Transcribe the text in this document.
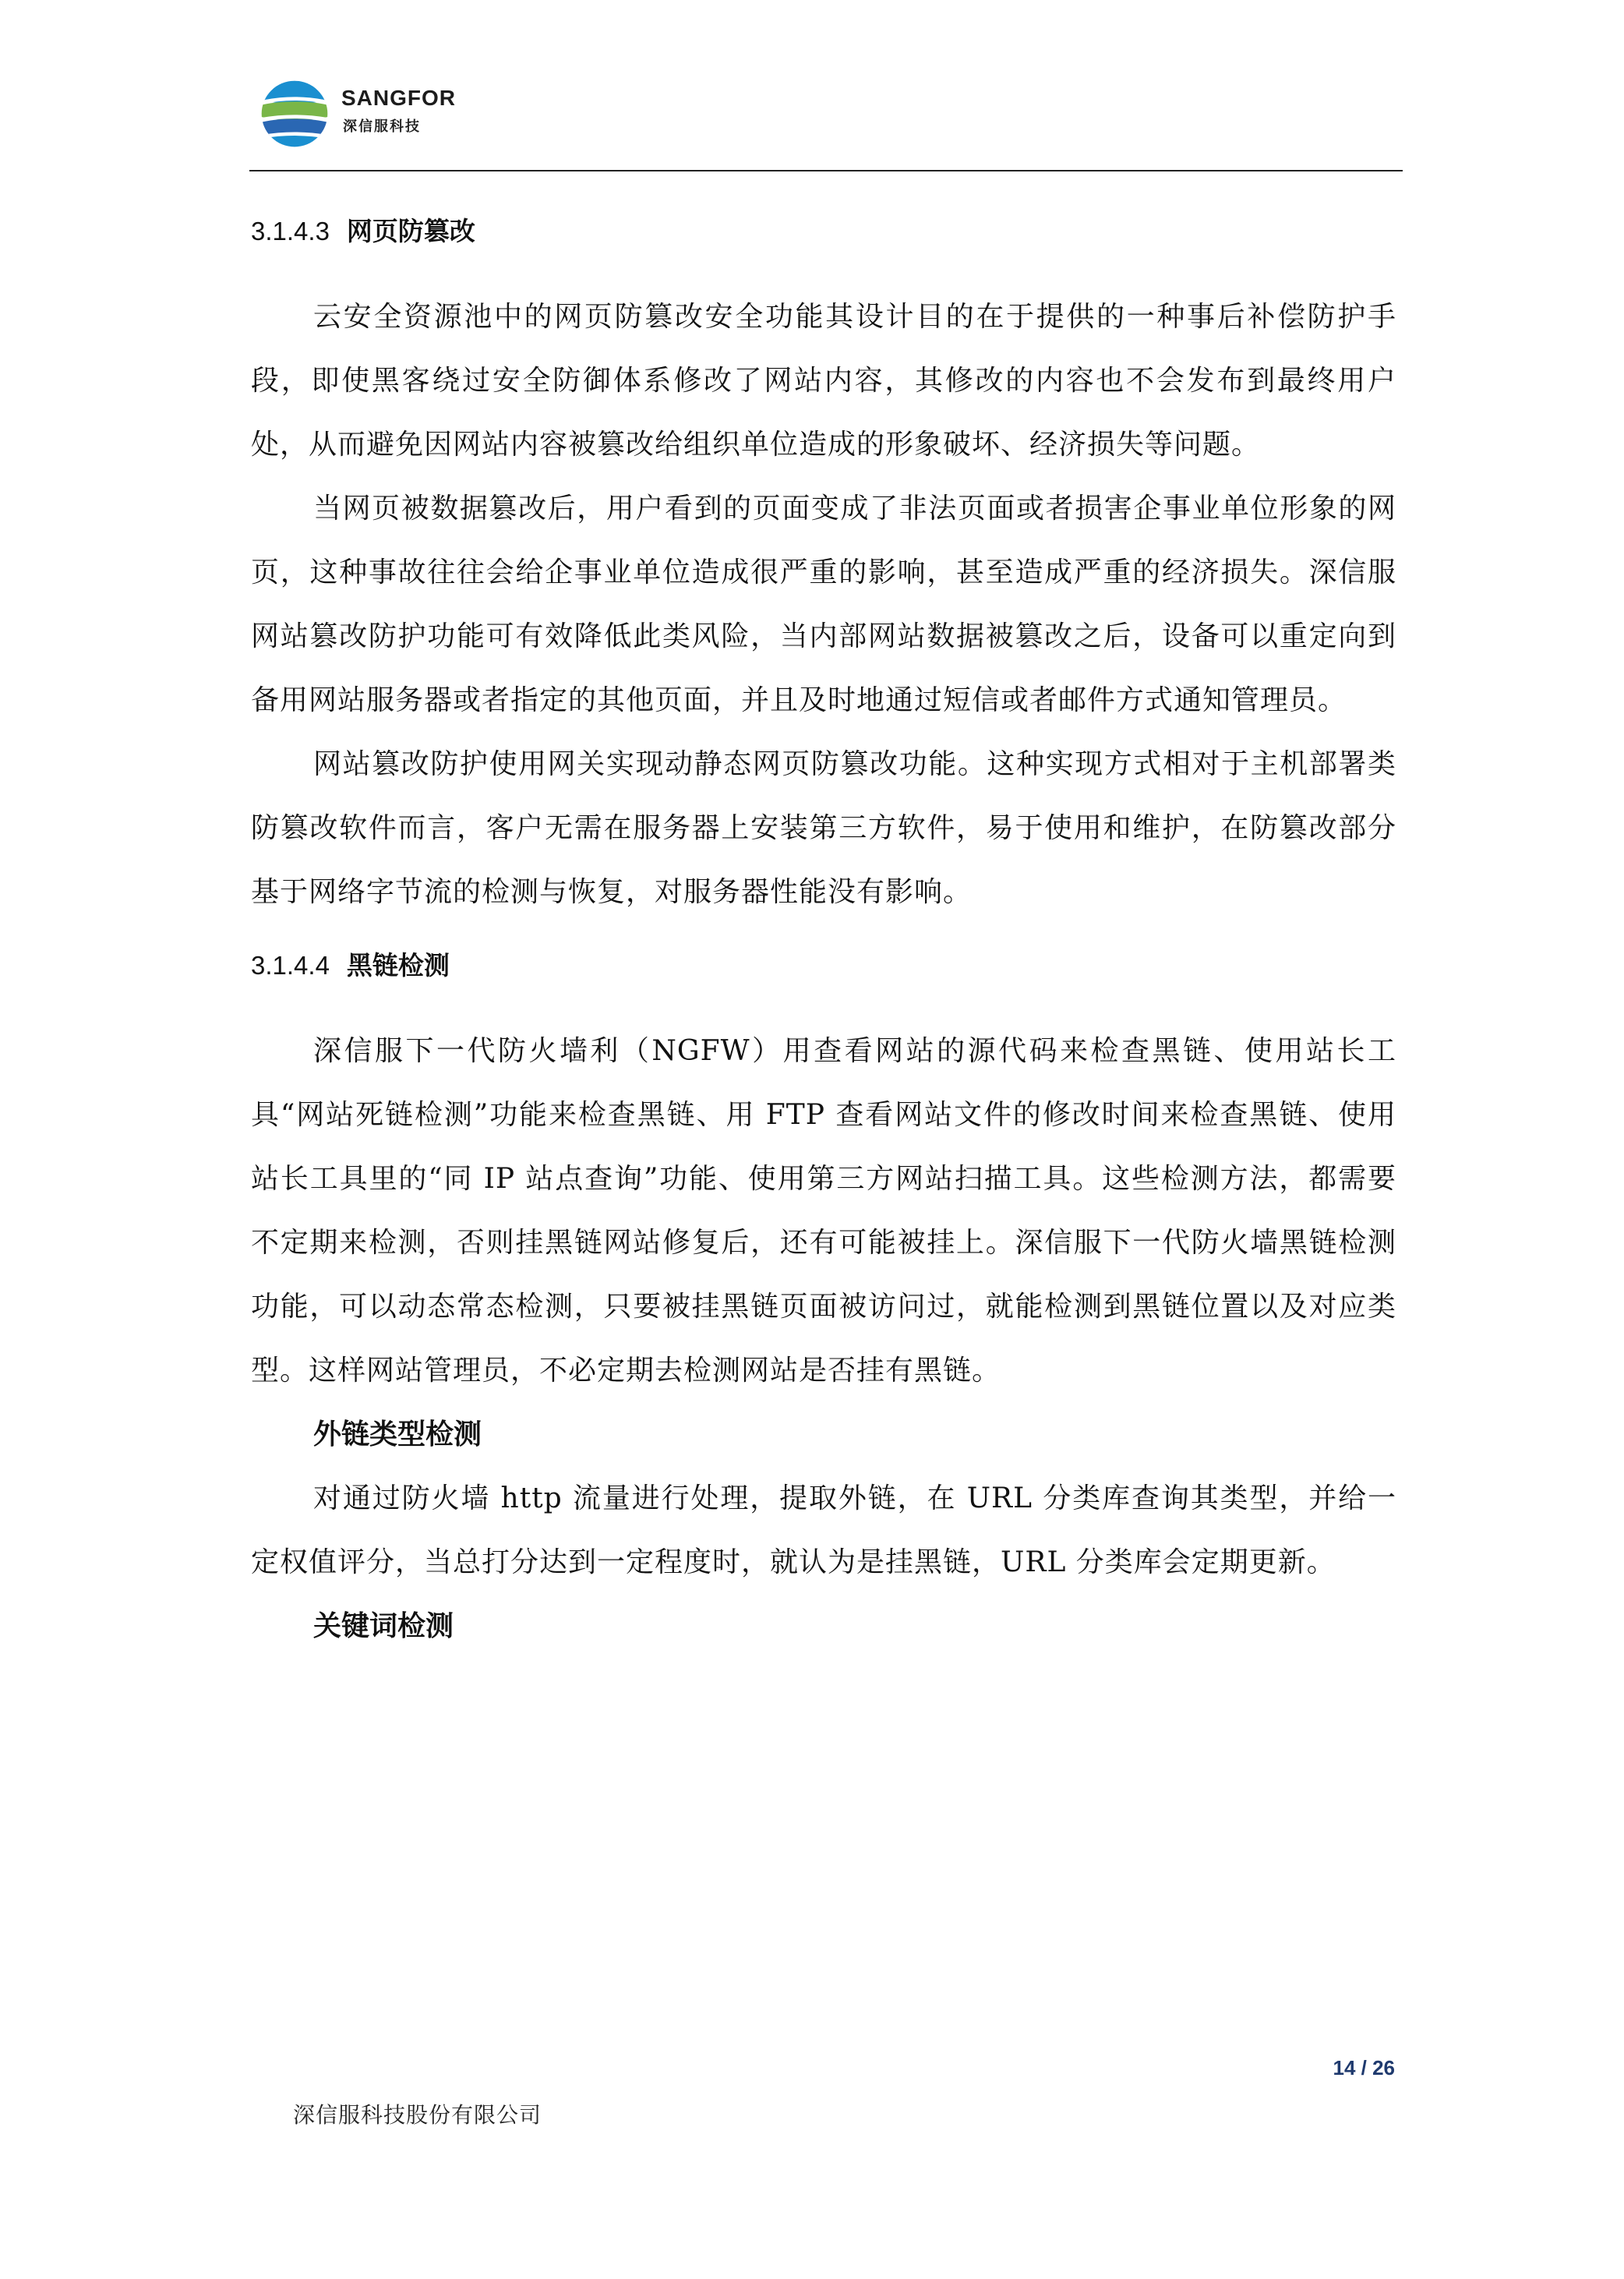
SANGFOR
深信服科技
3.1.4.3 网页防篡改

云安全资源池中的网页防篡改安全功能其设计目的在于提供的一种事后补偿防护手段，即使黑客绕过安全防御体系修改了网站内容，其修改的内容也不会发布到最终用户处，从而避免因网站内容被篡改给组织单位造成的形象破坏、经济损失等问题。

当网页被数据篡改后，用户看到的页面变成了非法页面或者损害企事业单位形象的网页，这种事故往往会给企事业单位造成很严重的影响，甚至造成严重的经济损失。深信服网站篡改防护功能可有效降低此类风险，当内部网站数据被篡改之后，设备可以重定向到备用网站服务器或者指定的其他页面，并且及时地通过短信或者邮件方式通知管理员。

网站篡改防护使用网关实现动静态网页防篡改功能。这种实现方式相对于主机部署类防篡改软件而言，客户无需在服务器上安装第三方软件，易于使用和维护，在防篡改部分基于网络字节流的检测与恢复，对服务器性能没有影响。

3.1.4.4 黑链检测

深信服下一代防火墙利（NGFW）用查看网站的源代码来检查黑链、使用站长工具“网站死链检测”功能来检查黑链、用 FTP 查看网站文件的修改时间来检查黑链、使用站长工具里的“同 IP 站点查询”功能、使用第三方网站扫描工具。这些检测方法，都需要不定期来检测，否则挂黑链网站修复后，还有可能被挂上。深信服下一代防火墙黑链检测功能，可以动态常态检测，只要被挂黑链页面被访问过，就能检测到黑链位置以及对应类型。这样网站管理员，不必定期去检测网站是否挂有黑链。

外链类型检测

对通过防火墙 http 流量进行处理，提取外链，在 URL 分类库查询其类型，并给一定权值评分，当总打分达到一定程度时，就认为是挂黑链，URL 分类库会定期更新。

关键词检测

14 / 26
深信服科技股份有限公司
